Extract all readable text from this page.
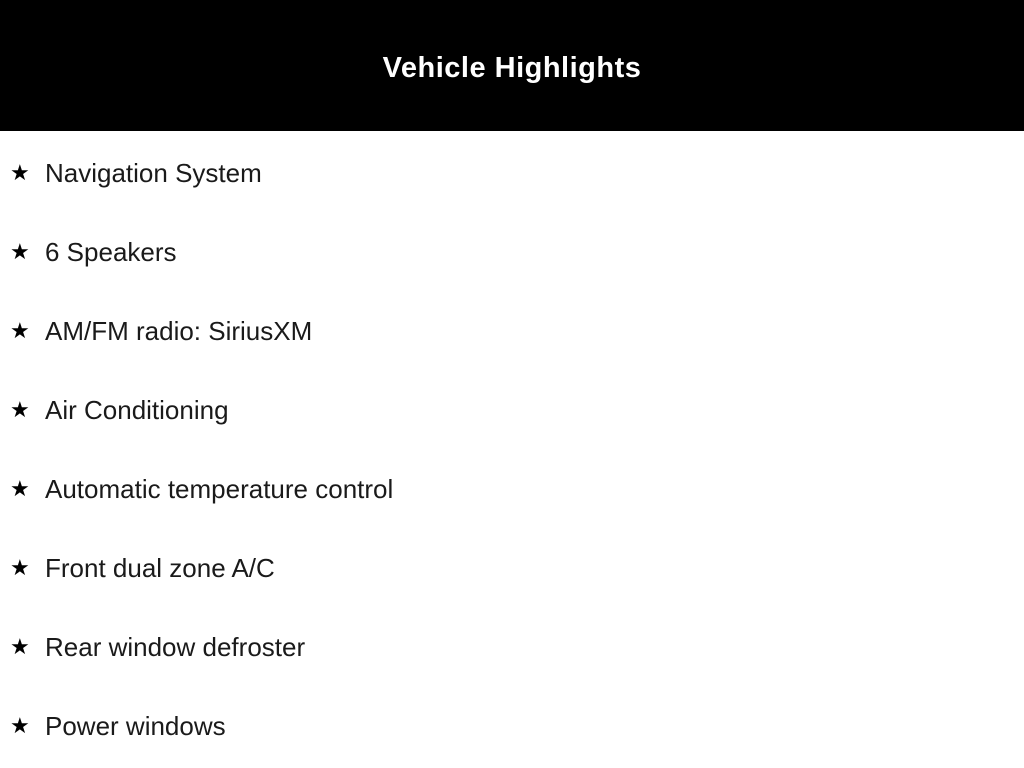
Vehicle Highlights
★ Navigation System
★ 6 Speakers
★ AM/FM radio: SiriusXM
★ Air Conditioning
★ Automatic temperature control
★ Front dual zone A/C
★ Rear window defroster
★ Power windows
